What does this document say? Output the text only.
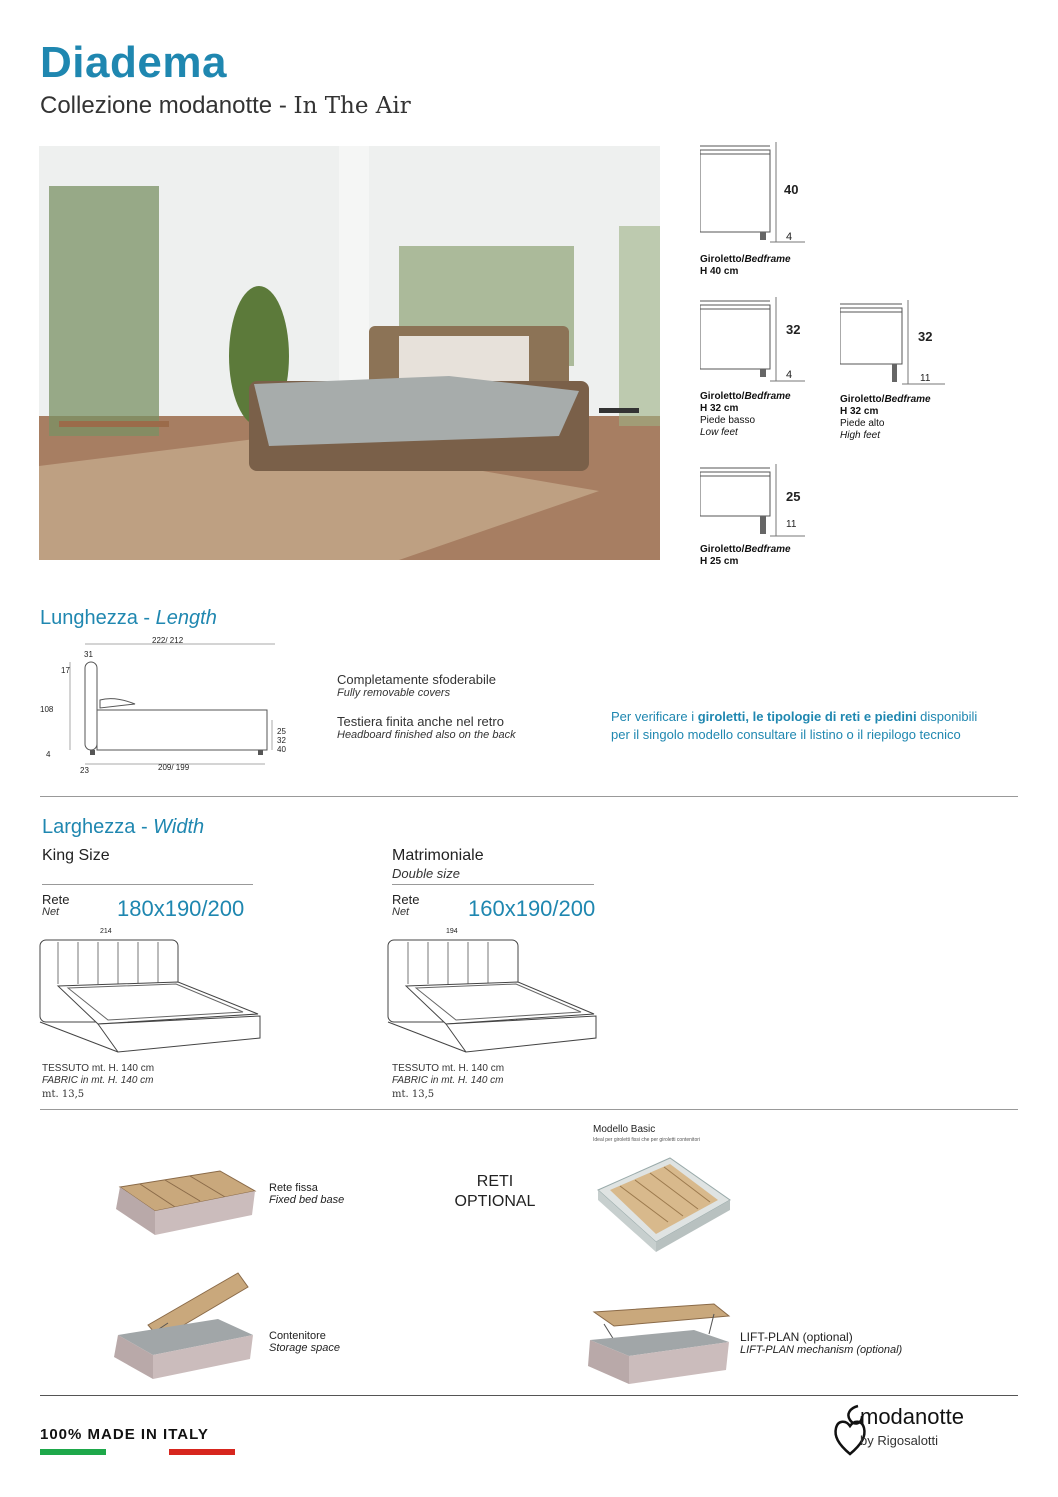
Diadema
Collezione modanotte - In The Air
40
4
Giroletto/Bedframe
H 40 cm
32
4
Giroletto/Bedframe
H 32 cm
Piede basso
Low feet
32
11
Giroletto/Bedframe
H 32 cm
Piede alto
High feet
25
11
Giroletto/Bedframe
H 25 cm
Lunghezza - Length
222/ 212
31
17
108
4
23	209/ 199
25
32
40
Completamente sfoderabile
Fully removable covers
Testiera finita anche nel retro
Headboard finished also on the back
Per verificare i giroletti, le tipologie di reti e piedini disponibili
per il singolo modello consultare il listino o il riepilogo tecnico
Larghezza - Width
King Size
Rete
Net	180x190/200
214
TESSUTO mt. H. 140 cm
FABRIC in mt. H. 140 cm
mt. 13,5
Matrimoniale
Double size
Rete
Net	160x190/200
194
TESSUTO mt. H. 140 cm
FABRIC in mt. H. 140 cm
mt. 13,5
Modello Basic
Ideal per giroletti fissi che per giroletti contenitori
Rete fissa
Fixed bed base
RETI
OPTIONAL
Contenitore
Storage space
LIFT-PLAN (optional)
LIFT-PLAN mechanism (optional)
100% MADE IN ITALY
modanotte
by Rigosalotti
